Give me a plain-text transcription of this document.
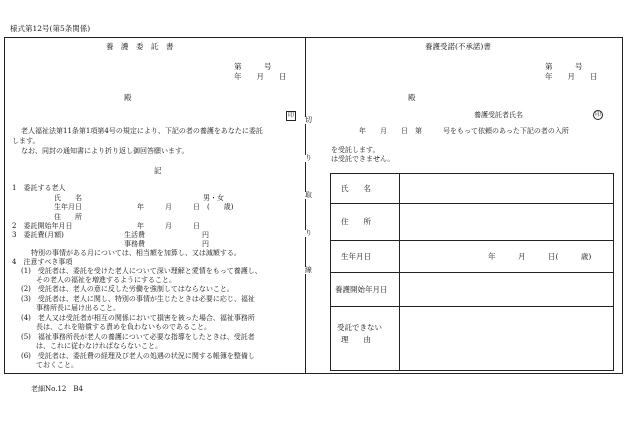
様式第12号(第5条関係)
養　護　委　託　書
第　　　号
年　　月　　日
殿
印
老人福祉法第11条第1項第4号の規定により、下記の者の養護をあなたに委託
します。
なお、同封の通知書により折り返し御回答願います。
記
1　委託する老人
氏　　名	男・女
生年月日	年　　　月　　　日　(　　歳)
住　　所
2　委託開始年月日	年　　　月　　　日
3　委託費(月額)	生活費	円
事務費	円
特別の事情がある月については、相当額を加算し、又は減額する。
4　注意すべき事項
(1)　受託者は、委託を受けた老人について深い理解と愛情をもって養護し、
その老人の福祉を増進するようにすること。
(2)　受託者は、老人の意に反した労働を強制してはならないこと。
(3)　受託者は、老人に関し、特別の事情が生じたときは必要に応じ、福祉
事務所長に届け出ること。
(4)　老人又は受託者が相互の関係において損害を被った場合、福祉事務所
長は、これを賠償する責めを負わないものであること。
(5)　福祉事務所長が老人の養護について必要な指導をしたときは、受託者
は、これに従わなければならないこと。
(6)　受託者は、委託費の経理及び老人の処遇の状況に関する帳簿を整備し
ておくこと。
切
り
取
り
線
養護受諾(不承諾)書
第　　　号
年　　月　　日
殿
養護受託者氏名	印
年　　月　　日　第　　　号をもって依頼のあった下記の者の入所
を受託します。
は受託できません。
氏　　名	

住　　所	

生年月日	年　　　月　　　日(　　　歳)

養護開始年月日	

受託できない
理　　由	

老細No.12　B4
